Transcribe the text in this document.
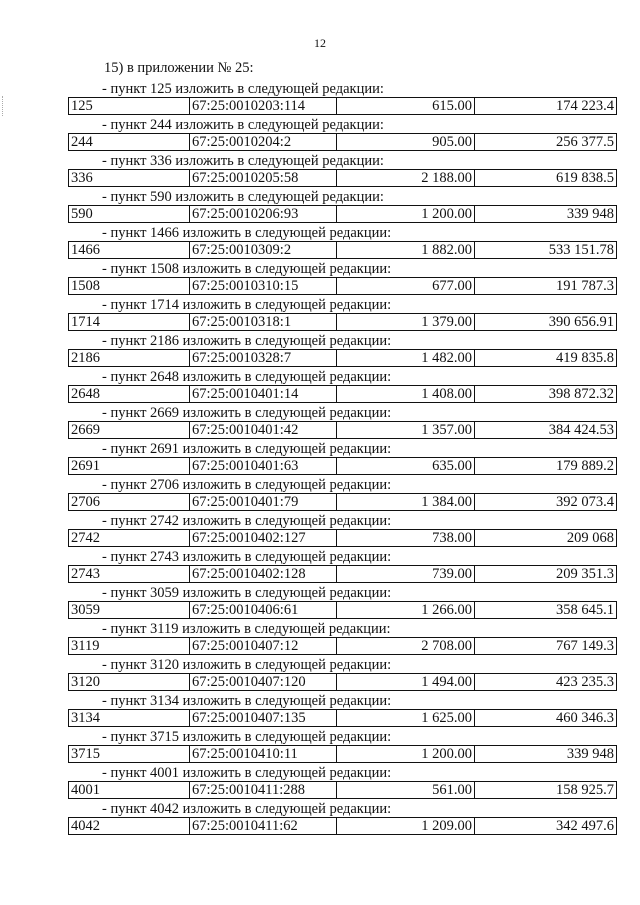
12
15) в приложении № 25:
- пункт 125 изложить в следующей редакции:
125	67:25:0010203:114	615.00	174 223.4
- пункт 244 изложить в следующей редакции:
244	67:25:0010204:2	905.00	256 377.5
- пункт 336 изложить в следующей редакции:
336	67:25:0010205:58	2 188.00	619 838.5
- пункт 590 изложить в следующей редакции:
590	67:25:0010206:93	1 200.00	339 948
- пункт 1466 изложить в следующей редакции:
1466	67:25:0010309:2	1 882.00	533 151.78
- пункт 1508 изложить в следующей редакции:
1508	67:25:0010310:15	677.00	191 787.3
- пункт 1714 изложить в следующей редакции:
1714	67:25:0010318:1	1 379.00	390 656.91
- пункт 2186 изложить в следующей редакции:
2186	67:25:0010328:7	1 482.00	419 835.8
- пункт 2648 изложить в следующей редакции:
2648	67:25:0010401:14	1 408.00	398 872.32
- пункт 2669 изложить в следующей редакции:
2669	67:25:0010401:42	1 357.00	384 424.53
- пункт 2691 изложить в следующей редакции:
2691	67:25:0010401:63	635.00	179 889.2
- пункт 2706 изложить в следующей редакции:
2706	67:25:0010401:79	1 384.00	392 073.4
- пункт 2742 изложить в следующей редакции:
2742	67:25:0010402:127	738.00	209 068
- пункт 2743 изложить в следующей редакции:
2743	67:25:0010402:128	739.00	209 351.3
- пункт 3059 изложить в следующей редакции:
3059	67:25:0010406:61	1 266.00	358 645.1
- пункт 3119 изложить в следующей редакции:
3119	67:25:0010407:12	2 708.00	767 149.3
- пункт 3120 изложить в следующей редакции:
3120	67:25:0010407:120	1 494.00	423 235.3
- пункт 3134 изложить в следующей редакции:
3134	67:25:0010407:135	1 625.00	460 346.3
- пункт 3715 изложить в следующей редакции:
3715	67:25:0010410:11	1 200.00	339 948
- пункт 4001 изложить в следующей редакции:
4001	67:25:0010411:288	561.00	158 925.7
- пункт 4042 изложить в следующей редакции:
4042	67:25:0010411:62	1 209.00	342 497.6
